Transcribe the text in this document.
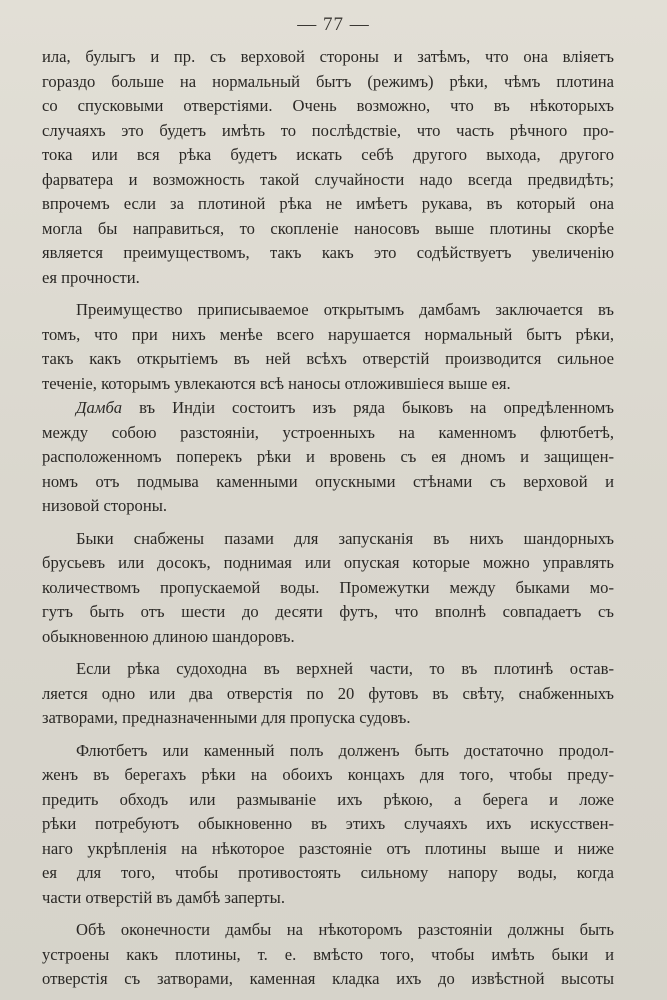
— 77 —
ила, булыгъ и пр. съ верховой стороны и затѣмъ, что она вліяетъ
гораздо больше на нормальный бытъ (режимъ) рѣки, чѣмъ плотина
со спусковыми отверстіями. Очень возможно, что въ нѣкоторыхъ
случаяхъ это будетъ имѣть то послѣдствіе, что часть рѣчного про-
тока или вся рѣка будетъ искать себѣ другого выхода, другого
фарватера и возможность такой случайности надо всегда предвидѣть;
впрочемъ если за плотиной рѣка не имѣетъ рукава, въ который она
могла бы направиться, то скопленіе наносовъ выше плотины скорѣе
является преимуществомъ, такъ какъ это содѣйствуетъ увеличенію
ея прочности.
Преимущество приписываемое открытымъ дамбамъ заключается въ
томъ, что при нихъ менѣе всего нарушается нормальный бытъ рѣки,
такъ какъ открытіемъ въ ней всѣхъ отверстій производится сильное
теченіе, которымъ увлекаются всѣ наносы отложившіеся выше ея.
Дамба въ Индіи состоитъ изъ ряда быковъ на опредѣленномъ
между собою разстояніи, устроенныхъ на каменномъ флютбетѣ,
расположенномъ поперекъ рѣки и вровень съ ея дномъ и защищен-
номъ отъ подмыва каменными опускными стѣнами съ верховой и
низовой стороны.
Быки снабжены пазами для запусканія въ нихъ шандорныхъ
брусьевъ или досокъ, поднимая или опуская которые можно управлять
количествомъ пропускаемой воды. Промежутки между быками мо-
гутъ быть отъ шести до десяти футъ, что вполнѣ совпадаетъ съ
обыкновенною длиною шандоровъ.
Если рѣка судоходна въ верхней части, то въ плотинѣ остав-
ляется одно или два отверстія по 20 футовъ въ свѣту, снабженныхъ
затворами, предназначенными для пропуска судовъ.
Флютбетъ или каменный полъ долженъ быть достаточно продол-
женъ въ берегахъ рѣки на обоихъ концахъ для того, чтобы преду-
предить обходъ или размываніе ихъ рѣкою, а берега и ложе
рѣки потребуютъ обыкновенно въ этихъ случаяхъ ихъ искусствен-
наго укрѣпленія на нѣкоторое разстояніе отъ плотины выше и ниже
ея для того, чтобы противостоять сильному напору воды, когда
части отверстій въ дамбѣ заперты.
Обѣ оконечности дамбы на нѣкоторомъ разстояніи должны быть
устроены какъ плотины, т. е. вмѣсто того, чтобы имѣть быки и
отверстія съ затворами, каменная кладка ихъ до извѣстной высоты
